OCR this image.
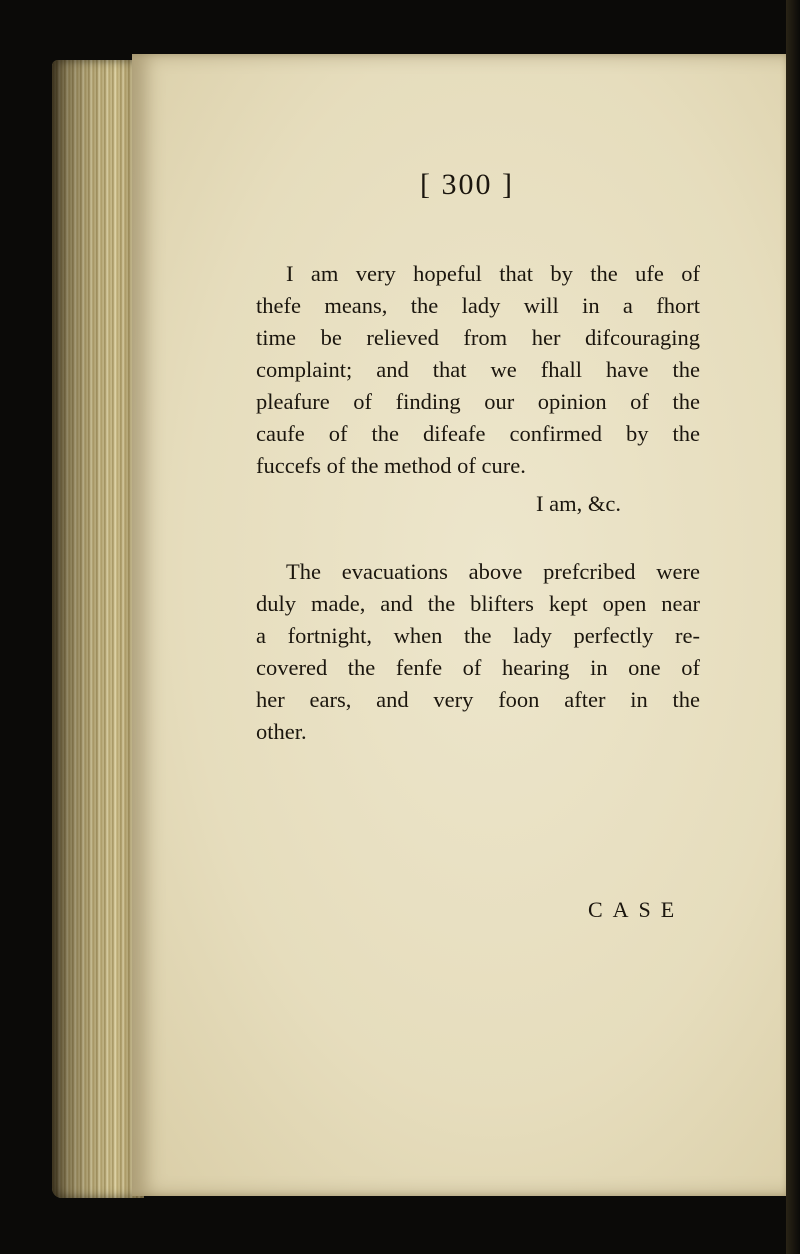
[ 300 ]

I am very hopeful that by the ufe of
thefe means, the lady will in a fhort
time be relieved from her difcouraging
complaint; and that we fhall have the
pleafure of finding our opinion of the
caufe of the difeafe confirmed by the
fuccefs of the method of cure.

I am, &c.

The evacuations above prefcribed were
duly made, and the blifters kept open near
a fortnight, when the lady perfectly re-
covered the fenfe of hearing in one of
her ears, and very foon after in the
other.

CASE
